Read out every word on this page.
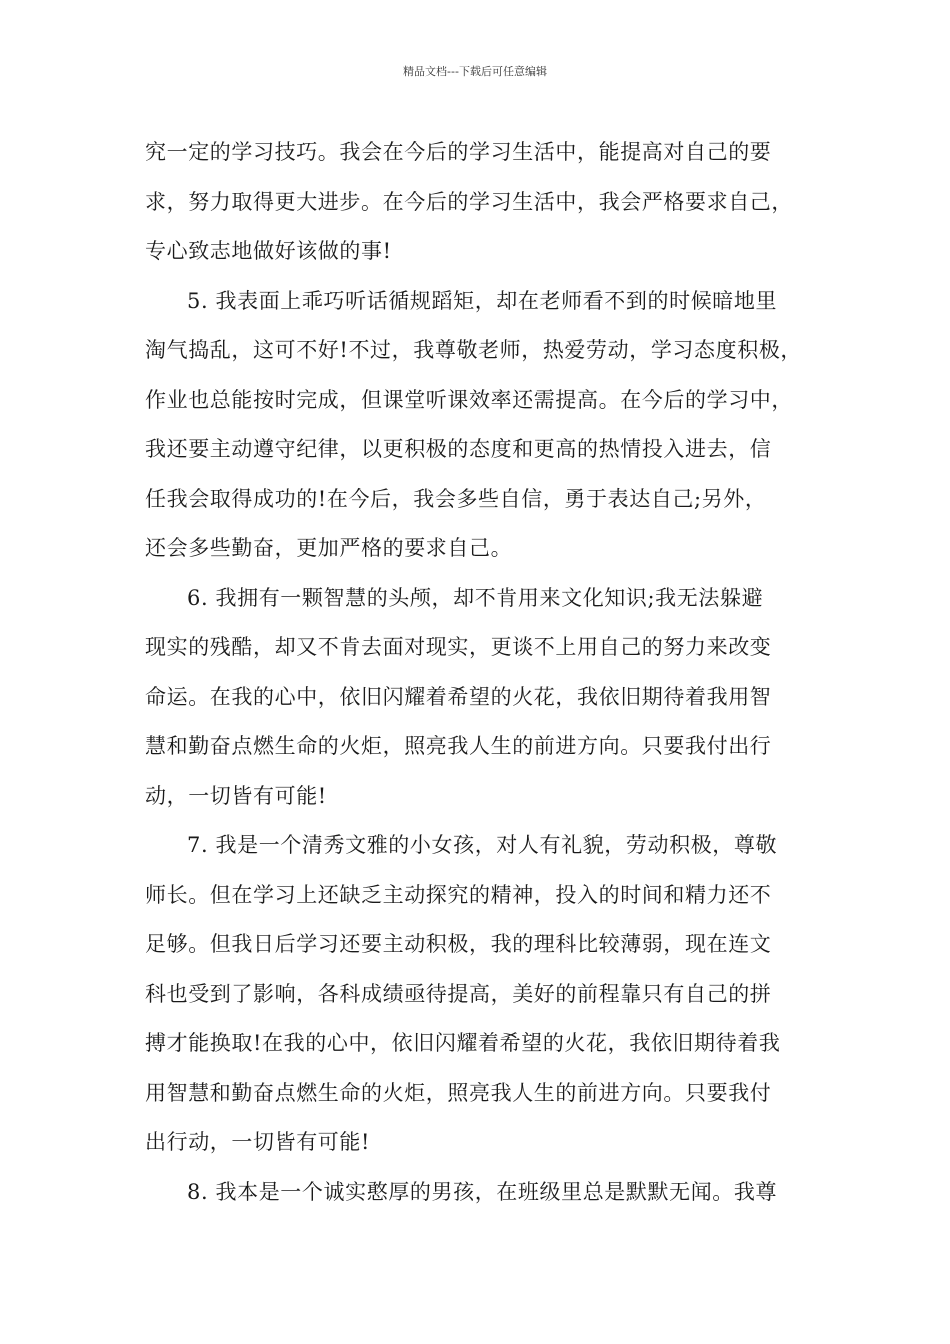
精品文档---下载后可任意编辑
究一定的学习技巧。我会在今后的学习生活中，能提高对自己的要
求，努力取得更大进步。在今后的学习生活中，我会严格要求自己，
专心致志地做好该做的事!
5. 我表面上乖巧听话循规蹈矩，却在老师看不到的时候暗地里
淘气捣乱，这可不好!不过，我尊敬老师，热爱劳动，学习态度积极，
作业也总能按时完成，但课堂听课效率还需提高。在今后的学习中，
我还要主动遵守纪律，以更积极的态度和更高的热情投入进去，信
任我会取得成功的!在今后，我会多些自信，勇于表达自己;另外，
还会多些勤奋，更加严格的要求自己。
6. 我拥有一颗智慧的头颅，却不肯用来文化知识;我无法躲避
现实的残酷，却又不肯去面对现实，更谈不上用自己的努力来改变
命运。在我的心中，依旧闪耀着希望的火花，我依旧期待着我用智
慧和勤奋点燃生命的火炬，照亮我人生的前进方向。只要我付出行
动，一切皆有可能!
7. 我是一个清秀文雅的小女孩，对人有礼貌，劳动积极，尊敬
师长。但在学习上还缺乏主动探究的精神，投入的时间和精力还不
足够。但我日后学习还要主动积极，我的理科比较薄弱，现在连文
科也受到了影响，各科成绩亟待提高，美好的前程靠只有自己的拼
搏才能换取!在我的心中，依旧闪耀着希望的火花，我依旧期待着我
用智慧和勤奋点燃生命的火炬，照亮我人生的前进方向。只要我付
出行动，一切皆有可能!
8. 我本是一个诚实憨厚的男孩，在班级里总是默默无闻。我尊
